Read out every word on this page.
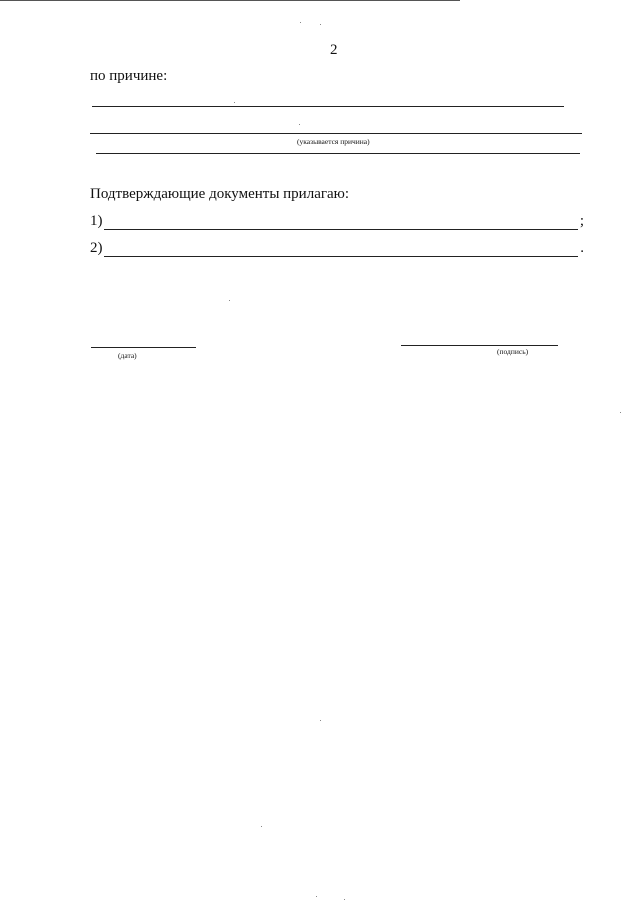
2
по причине:
(указывается причина)
Подтверждающие документы прилагаю:
1)	;
2)	.
(дата)	(подпись)
